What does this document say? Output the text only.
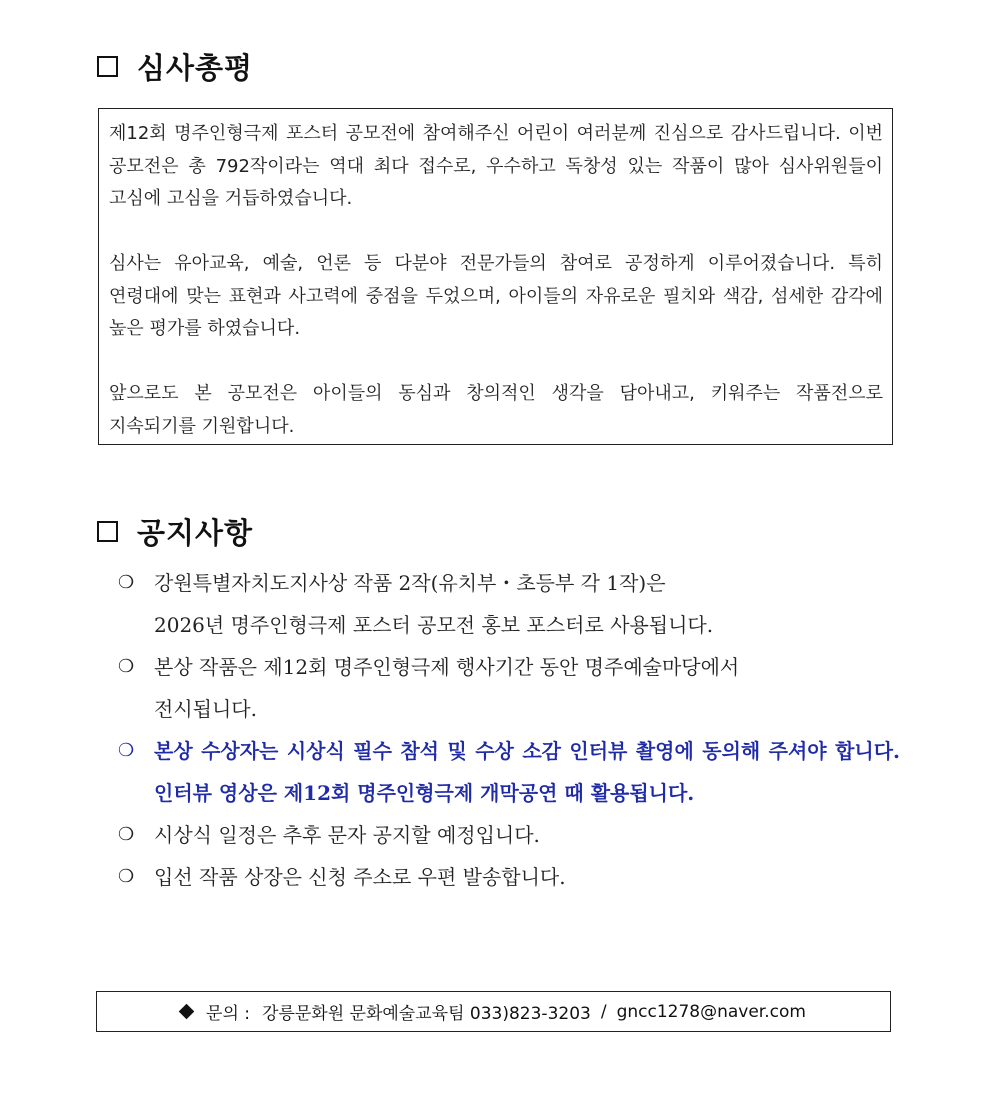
심사총평

제12회 명주인형극제 포스터 공모전에 참여해주신 어린이 여러분께 진심으로 감사드립니다. 이번 공모전은 총 792작이라는 역대 최다 접수로, 우수하고 독창성 있는 작품이 많아 심사위원들이 고심에 고심을 거듭하였습니다.

심사는 유아교육, 예술, 언론 등 다분야 전문가들의 참여로 공정하게 이루어졌습니다. 특히 연령대에 맞는 표현과 사고력에 중점을 두었으며, 아이들의 자유로운 필치와 색감, 섬세한 감각에 높은 평가를 하였습니다.

앞으로도 본 공모전은 아이들의 동심과 창의적인 생각을 담아내고, 키워주는 작품전으로 지속되기를 기원합니다.

공지사항
❍ 강원특별자치도지사상 작품 2작(유치부・초등부 각 1작)은
2026년 명주인형극제 포스터 공모전 홍보 포스터로 사용됩니다.
❍ 본상 작품은 제12회 명주인형극제 행사기간 동안 명주예술마당에서
전시됩니다.
❍ 본상 수상자는 시상식 필수 참석 및 수상 소감 인터뷰 촬영에 동의해 주셔야 합니다. 인터뷰 영상은 제12회 명주인형극제 개막공연 때 활용됩니다.
❍ 시상식 일정은 추후 문자 공지할 예정입니다.
❍ 입선 작품 상장은 신청 주소로 우편 발송합니다.
문의 : 강릉문화원 문화예술교육팀 033)823-3203 / gncc1278@naver.com
